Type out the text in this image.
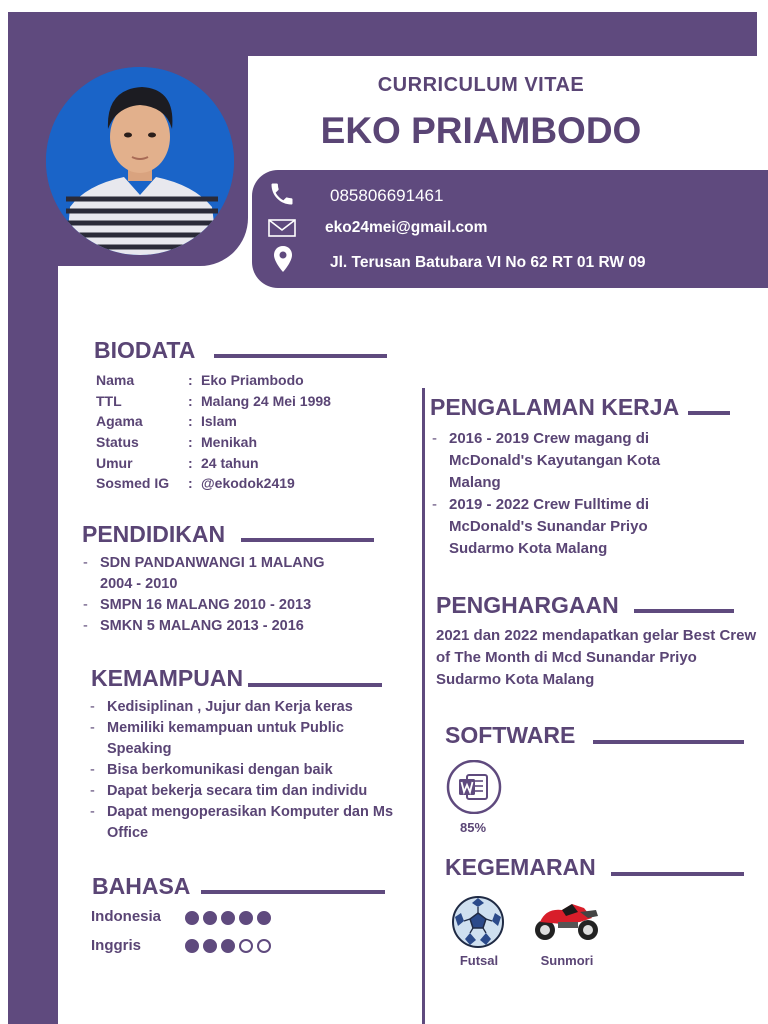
CURRICULUM VITAE
EKO PRIAMBODO
085806691461
eko24mei@gmail.com
Jl. Terusan Batubara VI No 62 RT 01 RW 09
BIODATA
Nama	: Eko Priambodo
TTL	: Malang 24 Mei 1998
Agama	: Islam
Status	: Menikah
Umur	: 24 tahun
Sosmed IG : @ekodok2419
PENDIDIKAN
- SDN PANDANWANGI 1 MALANG 2004 - 2010
- SMPN 16 MALANG 2010 - 2013
- SMKN 5 MALANG 2013 - 2016
KEMAMPUAN
- Kedisiplinan , Jujur dan Kerja keras
- Memiliki kemampuan untuk Public Speaking
- Bisa berkomunikasi dengan baik
- Dapat bekerja secara tim dan individu
- Dapat mengoperasikan Komputer dan Ms Office
BAHASA
Indonesia
Inggris
PENGALAMAN KERJA
- 2016 - 2019 Crew magang di McDonald's Kayutangan Kota Malang
- 2019 - 2022 Crew Fulltime di McDonald's Sunandar Priyo Sudarmo Kota Malang
PENGHARGAAN
2021 dan 2022 mendapatkan gelar Best Crew of The Month di Mcd Sunandar Priyo Sudarmo Kota Malang
SOFTWARE
85%
KEGEMARAN
Futsal	Sunmori
